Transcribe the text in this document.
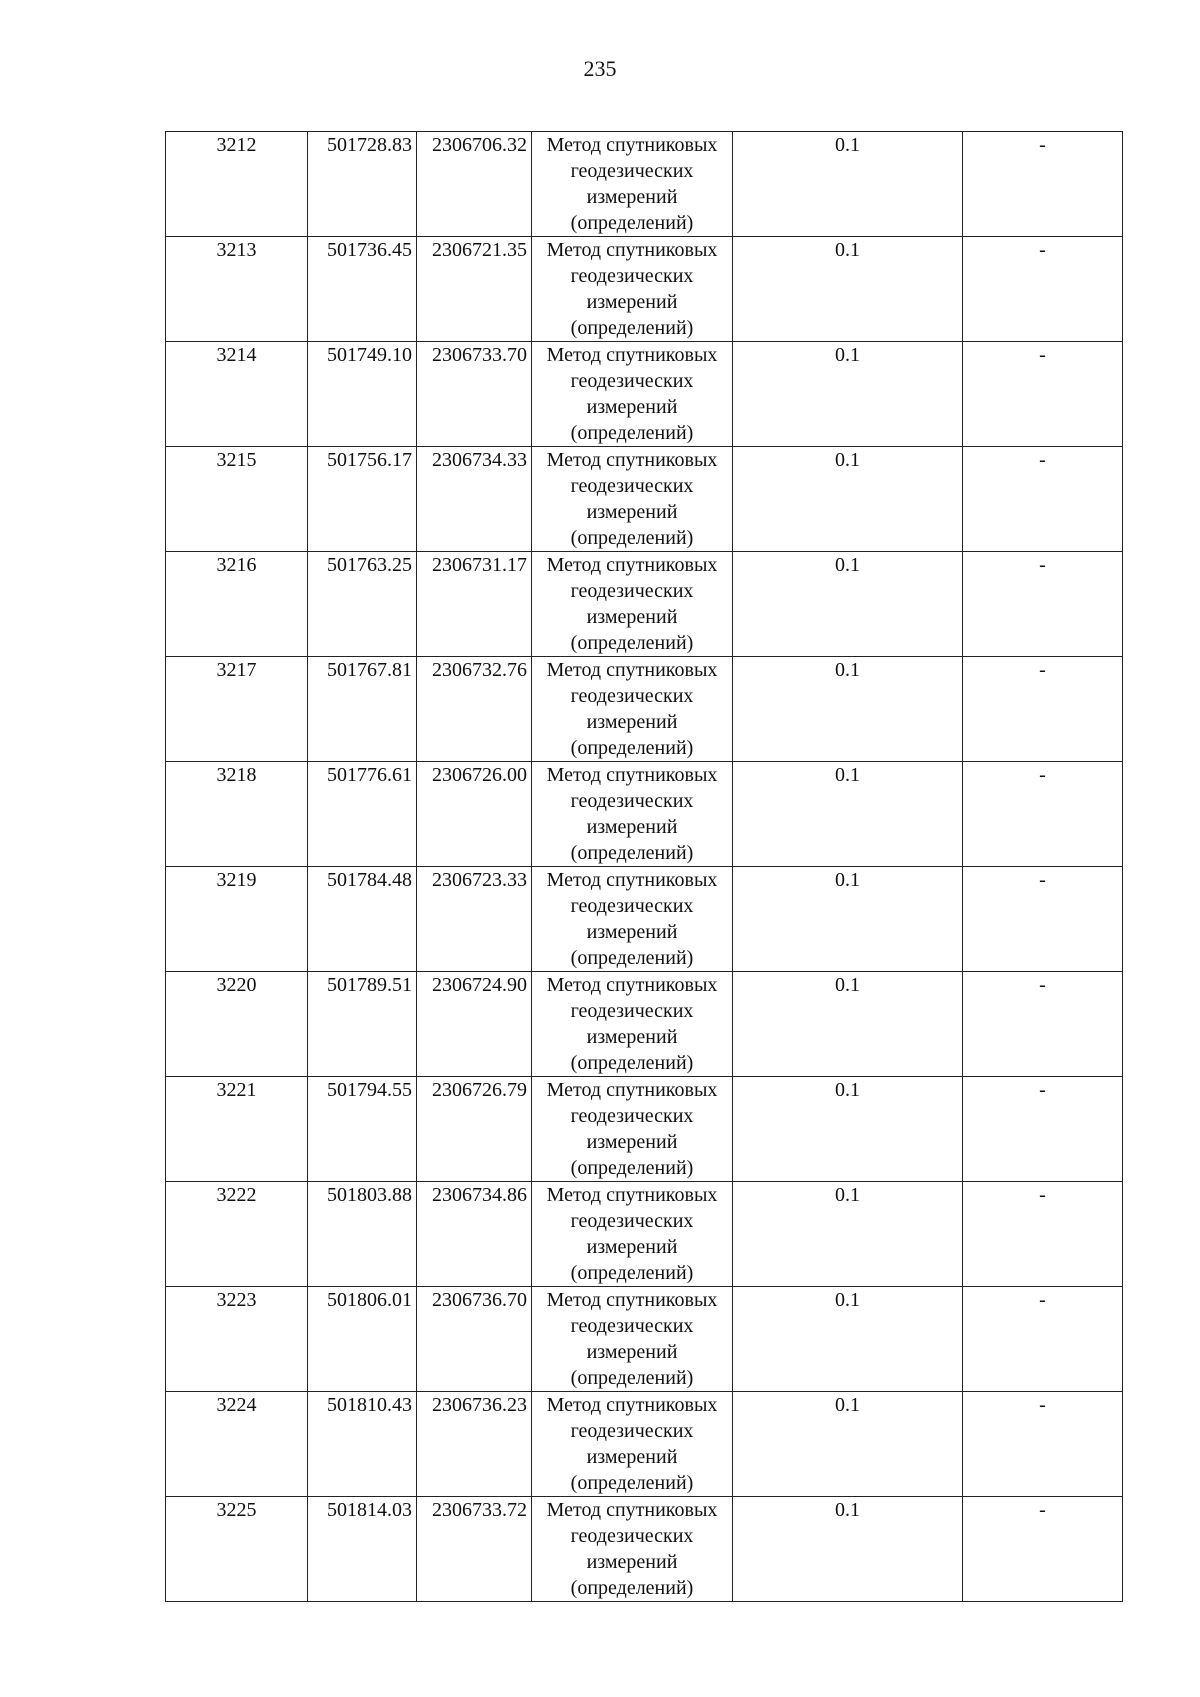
235
3212	501728.83	2306706.32	Метод спутниковых геодезических измерений (определений)	0.1	-
3213	501736.45	2306721.35	Метод спутниковых геодезических измерений (определений)	0.1	-
3214	501749.10	2306733.70	Метод спутниковых геодезических измерений (определений)	0.1	-
3215	501756.17	2306734.33	Метод спутниковых геодезических измерений (определений)	0.1	-
3216	501763.25	2306731.17	Метод спутниковых геодезических измерений (определений)	0.1	-
3217	501767.81	2306732.76	Метод спутниковых геодезических измерений (определений)	0.1	-
3218	501776.61	2306726.00	Метод спутниковых геодезических измерений (определений)	0.1	-
3219	501784.48	2306723.33	Метод спутниковых геодезических измерений (определений)	0.1	-
3220	501789.51	2306724.90	Метод спутниковых геодезических измерений (определений)	0.1	-
3221	501794.55	2306726.79	Метод спутниковых геодезических измерений (определений)	0.1	-
3222	501803.88	2306734.86	Метод спутниковых геодезических измерений (определений)	0.1	-
3223	501806.01	2306736.70	Метод спутниковых геодезических измерений (определений)	0.1	-
3224	501810.43	2306736.23	Метод спутниковых геодезических измерений (определений)	0.1	-
3225	501814.03	2306733.72	Метод спутниковых геодезических измерений (определений)	0.1	-
